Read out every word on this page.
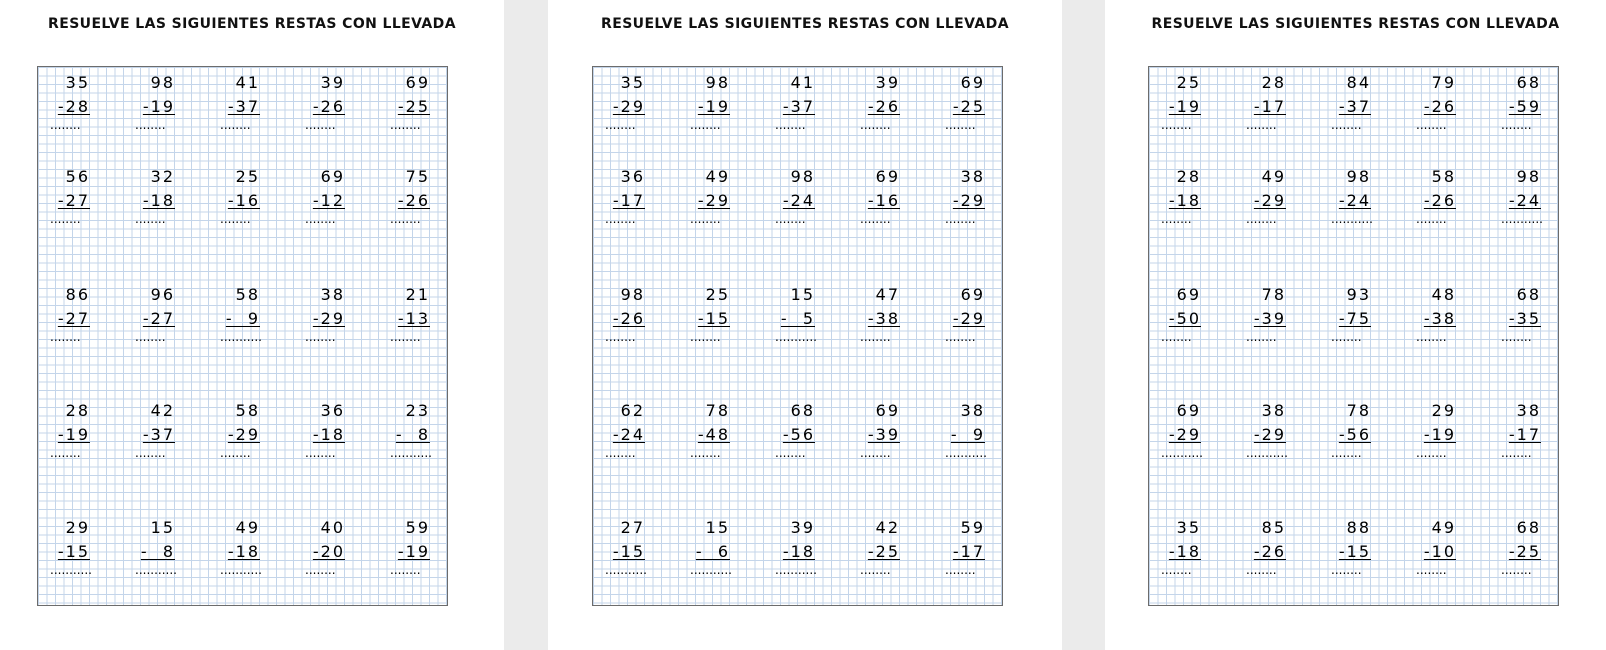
RESUELVE LAS SIGUIENTES RESTAS CON LLEVADA
35
-28
........
98
-19
........
41
-37
........
39
-26
........
69
-25
........
56
-27
........
32
-18
........
25
-16
........
69
-12
........
75
-26
........
86
-27
........
96
-27
........
58
-  9
...........
38
-29
........
21
-13
........
28
-19
........
42
-37
........
58
-29
........
36
-18
........
23
-  8
...........
29
-15
...........
15
-  8
...........
49
-18
...........
40
-20
........
59
-19
........
RESUELVE LAS SIGUIENTES RESTAS CON LLEVADA
35
-29
........
98
-19
........
41
-37
........
39
-26
........
69
-25
........
36
-17
........
49
-29
........
98
-24
........
69
-16
........
38
-29
........
98
-26
........
25
-15
........
15
-  5
...........
47
-38
........
69
-29
........
62
-24
........
78
-48
........
68
-56
........
69
-39
........
38
-  9
...........
27
-15
...........
15
-  6
...........
39
-18
...........
42
-25
........
59
-17
........
RESUELVE LAS SIGUIENTES RESTAS CON LLEVADA
25
-19
........
28
-17
........
84
-37
........
79
-26
........
68
-59
........
28
-18
........
49
-29
........
98
-24
...........
58
-26
........
98
-24
...........
69
-50
........
78
-39
........
93
-75
........
48
-38
........
68
-35
........
69
-29
...........
38
-29
...........
78
-56
........
29
-19
........
38
-17
........
35
-18
........
85
-26
........
88
-15
........
49
-10
........
68
-25
........
